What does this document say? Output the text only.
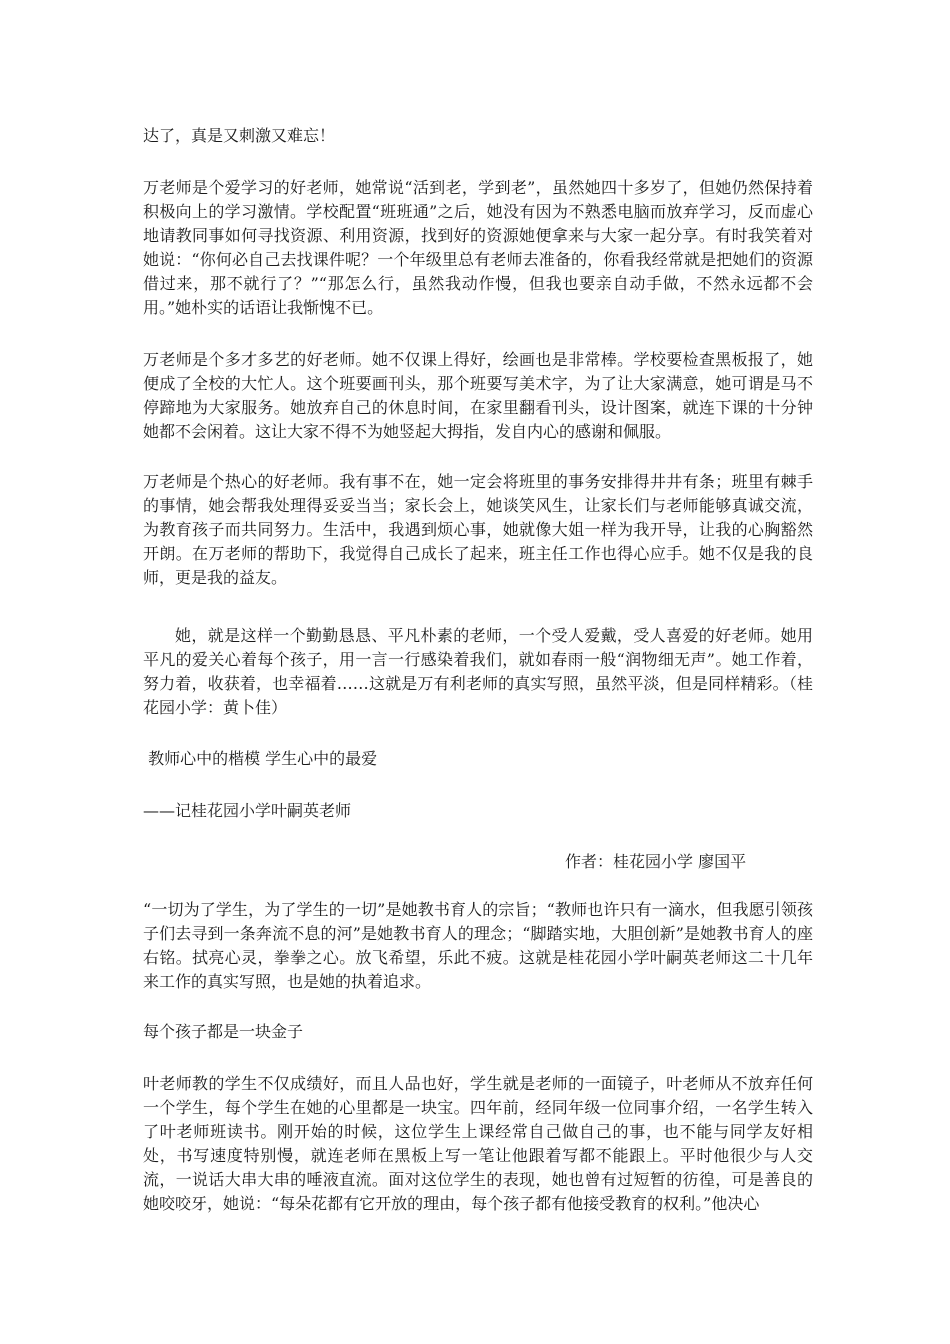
达了，真是又刺激又难忘！

万老师是个爱学习的好老师，她常说“活到老，学到老”，虽然她四十多岁了，但她仍然保持着积极向上的学习激情。学校配置“班班通”之后，她没有因为不熟悉电脑而放弃学习，反而虚心地请教同事如何寻找资源、利用资源，找到好的资源她便拿来与大家一起分享。有时我笑着对她说：“你何必自己去找课件呢？一个年级里总有老师去准备的，你看我经常就是把她们的资源借过来，那不就行了？”“那怎么行，虽然我动作慢，但我也要亲自动手做，不然永远都不会用。”她朴实的话语让我惭愧不已。

万老师是个多才多艺的好老师。她不仅课上得好，绘画也是非常棒。学校要检查黑板报了，她便成了全校的大忙人。这个班要画刊头，那个班要写美术字，为了让大家满意，她可谓是马不停蹄地为大家服务。她放弃自己的休息时间，在家里翻看刊头，设计图案，就连下课的十分钟她都不会闲着。这让大家不得不为她竖起大拇指，发自内心的感谢和佩服。

万老师是个热心的好老师。我有事不在，她一定会将班里的事务安排得井井有条；班里有棘手的事情，她会帮我处理得妥妥当当；家长会上，她谈笑风生，让家长们与老师能够真诚交流，为教育孩子而共同努力。生活中，我遇到烦心事，她就像大姐一样为我开导，让我的心胸豁然开朗。在万老师的帮助下，我觉得自己成长了起来，班主任工作也得心应手。她不仅是我的良师，更是我的益友。

她，就是这样一个勤勤恳恳、平凡朴素的老师，一个受人爱戴，受人喜爱的好老师。她用平凡的爱关心着每个孩子，用一言一行感染着我们，就如春雨一般“润物细无声”。她工作着，努力着，收获着，也幸福着……这就是万有利老师的真实写照，虽然平淡，但是同样精彩。（桂花园小学：黄卜佳）

教师心中的楷模 学生心中的最爱

——记桂花园小学叶嗣英老师

作者：桂花园小学 廖国平

“一切为了学生，为了学生的一切”是她教书育人的宗旨；“教师也许只有一滴水，但我愿引领孩子们去寻到一条奔流不息的河”是她教书育人的理念；“脚踏实地，大胆创新”是她教书育人的座右铭。拭亮心灵，拳拳之心。放飞希望，乐此不疲。这就是桂花园小学叶嗣英老师这二十几年来工作的真实写照，也是她的执着追求。

每个孩子都是一块金子

叶老师教的学生不仅成绩好，而且人品也好，学生就是老师的一面镜子，叶老师从不放弃任何一个学生，每个学生在她的心里都是一块宝。四年前，经同年级一位同事介绍，一名学生转入了叶老师班读书。刚开始的时候，这位学生上课经常自己做自己的事，也不能与同学友好相处，书写速度特别慢，就连老师在黑板上写一笔让他跟着写都不能跟上。平时他很少与人交流，一说话大串大串的唾液直流。面对这位学生的表现，她也曾有过短暂的彷徨，可是善良的她咬咬牙，她说：“每朵花都有它开放的理由，每个孩子都有他接受教育的权利。”他决心
